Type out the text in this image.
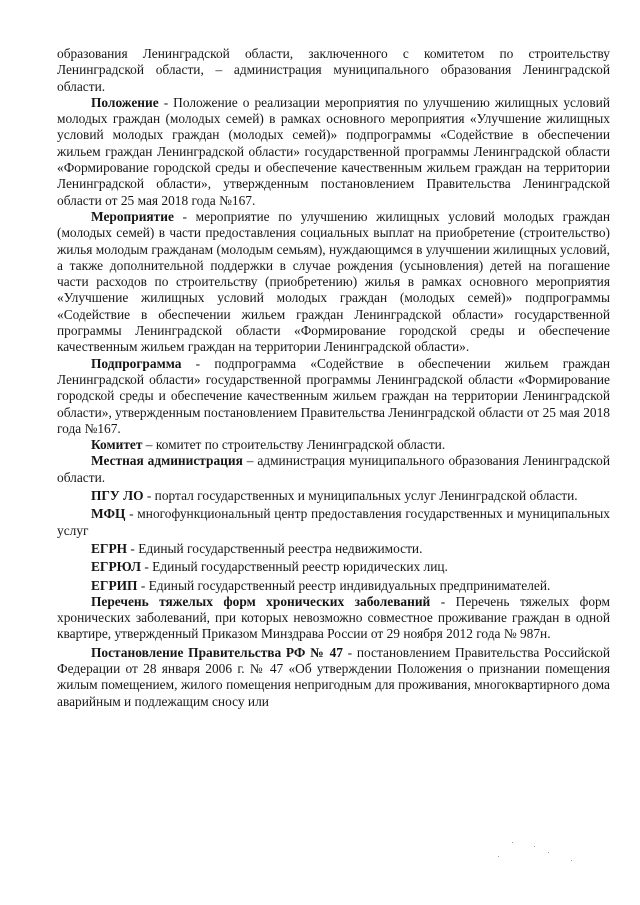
образования Ленинградской области, заключенного с комитетом по строительству Ленинградской области, – администрация муниципального образования Ленинградской области.

Положение - Положение о реализации мероприятия по улучшению жилищных условий молодых граждан (молодых семей) в рамках основного мероприятия «Улучшение жилищных условий молодых граждан (молодых семей)» подпрограммы «Содействие в обеспечении жильем граждан Ленинградской области» государственной программы Ленинградской области «Формирование городской среды и обеспечение качественным жильем граждан на территории Ленинградской области», утвержденным постановлением Правительства Ленинградской области от 25 мая 2018 года №167.

Мероприятие - мероприятие по улучшению жилищных условий молодых граждан (молодых семей) в части предоставления социальных выплат на приобретение (строительство) жилья молодым гражданам (молодым семьям), нуждающимся в улучшении жилищных условий, а также дополнительной поддержки в случае рождения (усыновления) детей на погашение части расходов по строительству (приобретению) жилья в рамках основного мероприятия «Улучшение жилищных условий молодых граждан (молодых семей)» подпрограммы «Содействие в обеспечении жильем граждан Ленинградской области» государственной программы Ленинградской области «Формирование городской среды и обеспечение качественным жильем граждан на территории Ленинградской области».

Подпрограмма - подпрограмма «Содействие в обеспечении жильем граждан Ленинградской области» государственной программы Ленинградской области «Формирование городской среды и обеспечение качественным жильем граждан на территории Ленинградской области», утвержденным постановлением Правительства Ленинградской области от 25 мая 2018 года №167.

Комитет – комитет по строительству Ленинградской области.

Местная администрация – администрация муниципального образования Ленинградской области.

ПГУ ЛО - портал государственных и муниципальных услуг Ленинградской области.

МФЦ - многофункциональный центр предоставления государственных и муниципальных услуг

ЕГРН - Единый государственный реестра недвижимости.

ЕГРЮЛ - Единый государственный реестр юридических лиц.

ЕГРИП - Единый государственный реестр индивидуальных предпринимателей.

Перечень тяжелых форм хронических заболеваний - Перечень тяжелых форм хронических заболеваний, при которых невозможно совместное проживание граждан в одной квартире, утвержденный Приказом Минздрава России от 29 ноября 2012 года № 987н.

Постановление Правительства РФ № 47 - постановлением Правительства Российской Федерации от 28 января 2006 г. № 47 «Об утверждении Положения о признании помещения жилым помещением, жилого помещения непригодным для проживания, многоквартирного дома аварийным и подлежащим сносу или
